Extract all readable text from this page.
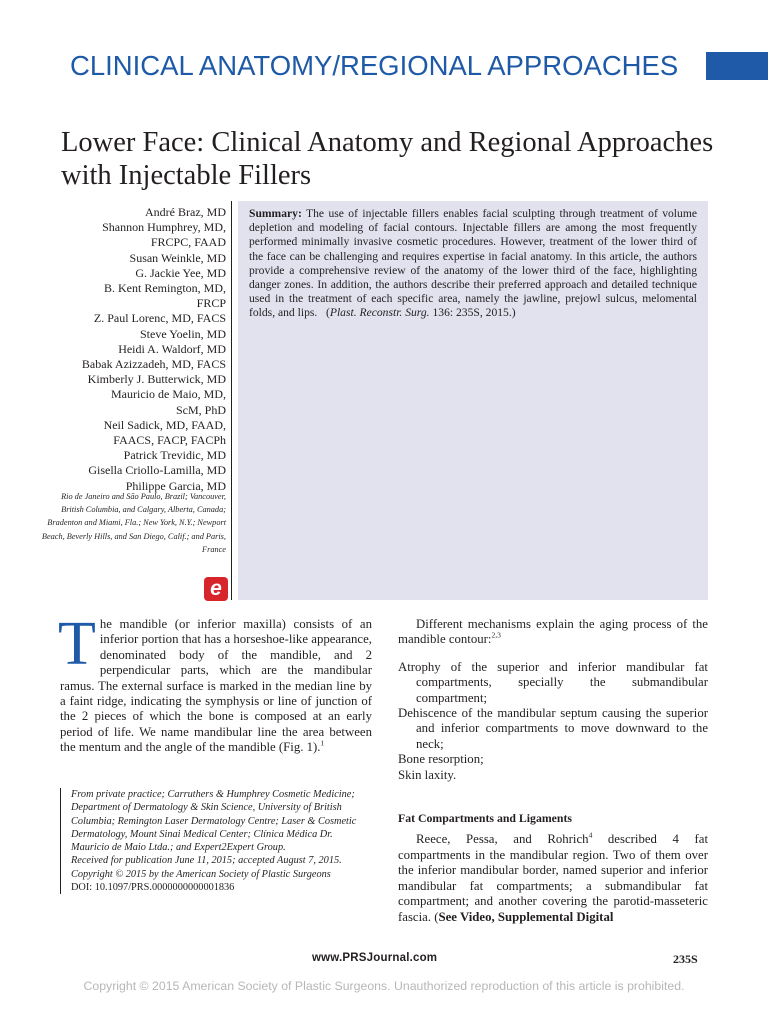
CLINICAL ANATOMY/REGIONAL APPROACHES
Lower Face: Clinical Anatomy and Regional Approaches with Injectable Fillers
André Braz, MD
Shannon Humphrey, MD,
FRCPC, FAAD
Susan Weinkle, MD
G. Jackie Yee, MD
B. Kent Remington, MD,
FRCP
Z. Paul Lorenc, MD, FACS
Steve Yoelin, MD
Heidi A. Waldorf, MD
Babak Azizzadeh, MD, FACS
Kimberly J. Butterwick, MD
Mauricio de Maio, MD,
ScM, PhD
Neil Sadick, MD, FAAD,
FAACS, FACP, FACPh
Patrick Trevidic, MD
Gisella Criollo-Lamilla, MD
Philippe Garcia, MD
Rio de Janeiro and São Paulo, Brazil; Vancouver, British Columbia, and Calgary, Alberta, Canada; Bradenton and Miami, Fla.; New York, N.Y.; Newport Beach, Beverly Hills, and San Diego, Calif.; and Paris, France
e
Summary: The use of injectable fillers enables facial sculpting through treatment of volume depletion and modeling of facial contours. Injectable fillers are among the most frequently performed minimally invasive cosmetic procedures. However, treatment of the lower third of the face can be challenging and requires expertise in facial anatomy. In this article, the authors provide a comprehensive review of the anatomy of the lower third of the face, highlighting danger zones. In addition, the authors describe their preferred approach and detailed technique used in the treatment of each specific area, namely the jawline, prejowl sulcus, melomental folds, and lips. (Plast. Reconstr. Surg. 136: 235S, 2015.)

The mandible (or inferior maxilla) consists of an inferior portion that has a horseshoe-like appearance, denominated body of the mandible, and 2 perpendicular parts, which are the mandibular ramus. The external surface is marked in the median line by a faint ridge, indicating the symphysis or line of junction of the 2 pieces of which the bone is composed at an early period of life. We name mandibular line the area between the mentum and the angle of the mandible (Fig. 1).$^1$

From private practice; Carruthers & Humphrey Cosmetic Medicine; Department of Dermatology & Skin Science, University of British Columbia; Remington Laser Dermatology Centre; Laser & Cosmetic Dermatology, Mount Sinai Medical Center; Clínica Médica Dr. Mauricio de Maio Ltda.; and Expert2Expert Group.
Received for publication June 11, 2015; accepted August 7, 2015.
Copyright © 2015 by the American Society of Plastic Surgeons
DOI: 10.1097/PRS.0000000000001836

Different mechanisms explain the aging process of the mandible contour:$^{2,3}$

Atrophy of the superior and inferior mandibular fat compartments, specially the submandibular compartment;
Dehiscence of the mandibular septum causing the superior and inferior compartments to move downward to the neck;
Bone resorption;
Skin laxity.

Fat Compartments and Ligaments

Reece, Pessa, and Rohrich$^4$ described 4 fat compartments in the mandibular region. Two of them over the inferior mandibular border, named superior and inferior mandibular fat compartments; a submandibular fat compartment; and another covering the parotid-masseteric fascia. (See Video, Supplemental Digital

www.PRSJournal.com	235S
Copyright © 2015 American Society of Plastic Surgeons. Unauthorized reproduction of this article is prohibited.
